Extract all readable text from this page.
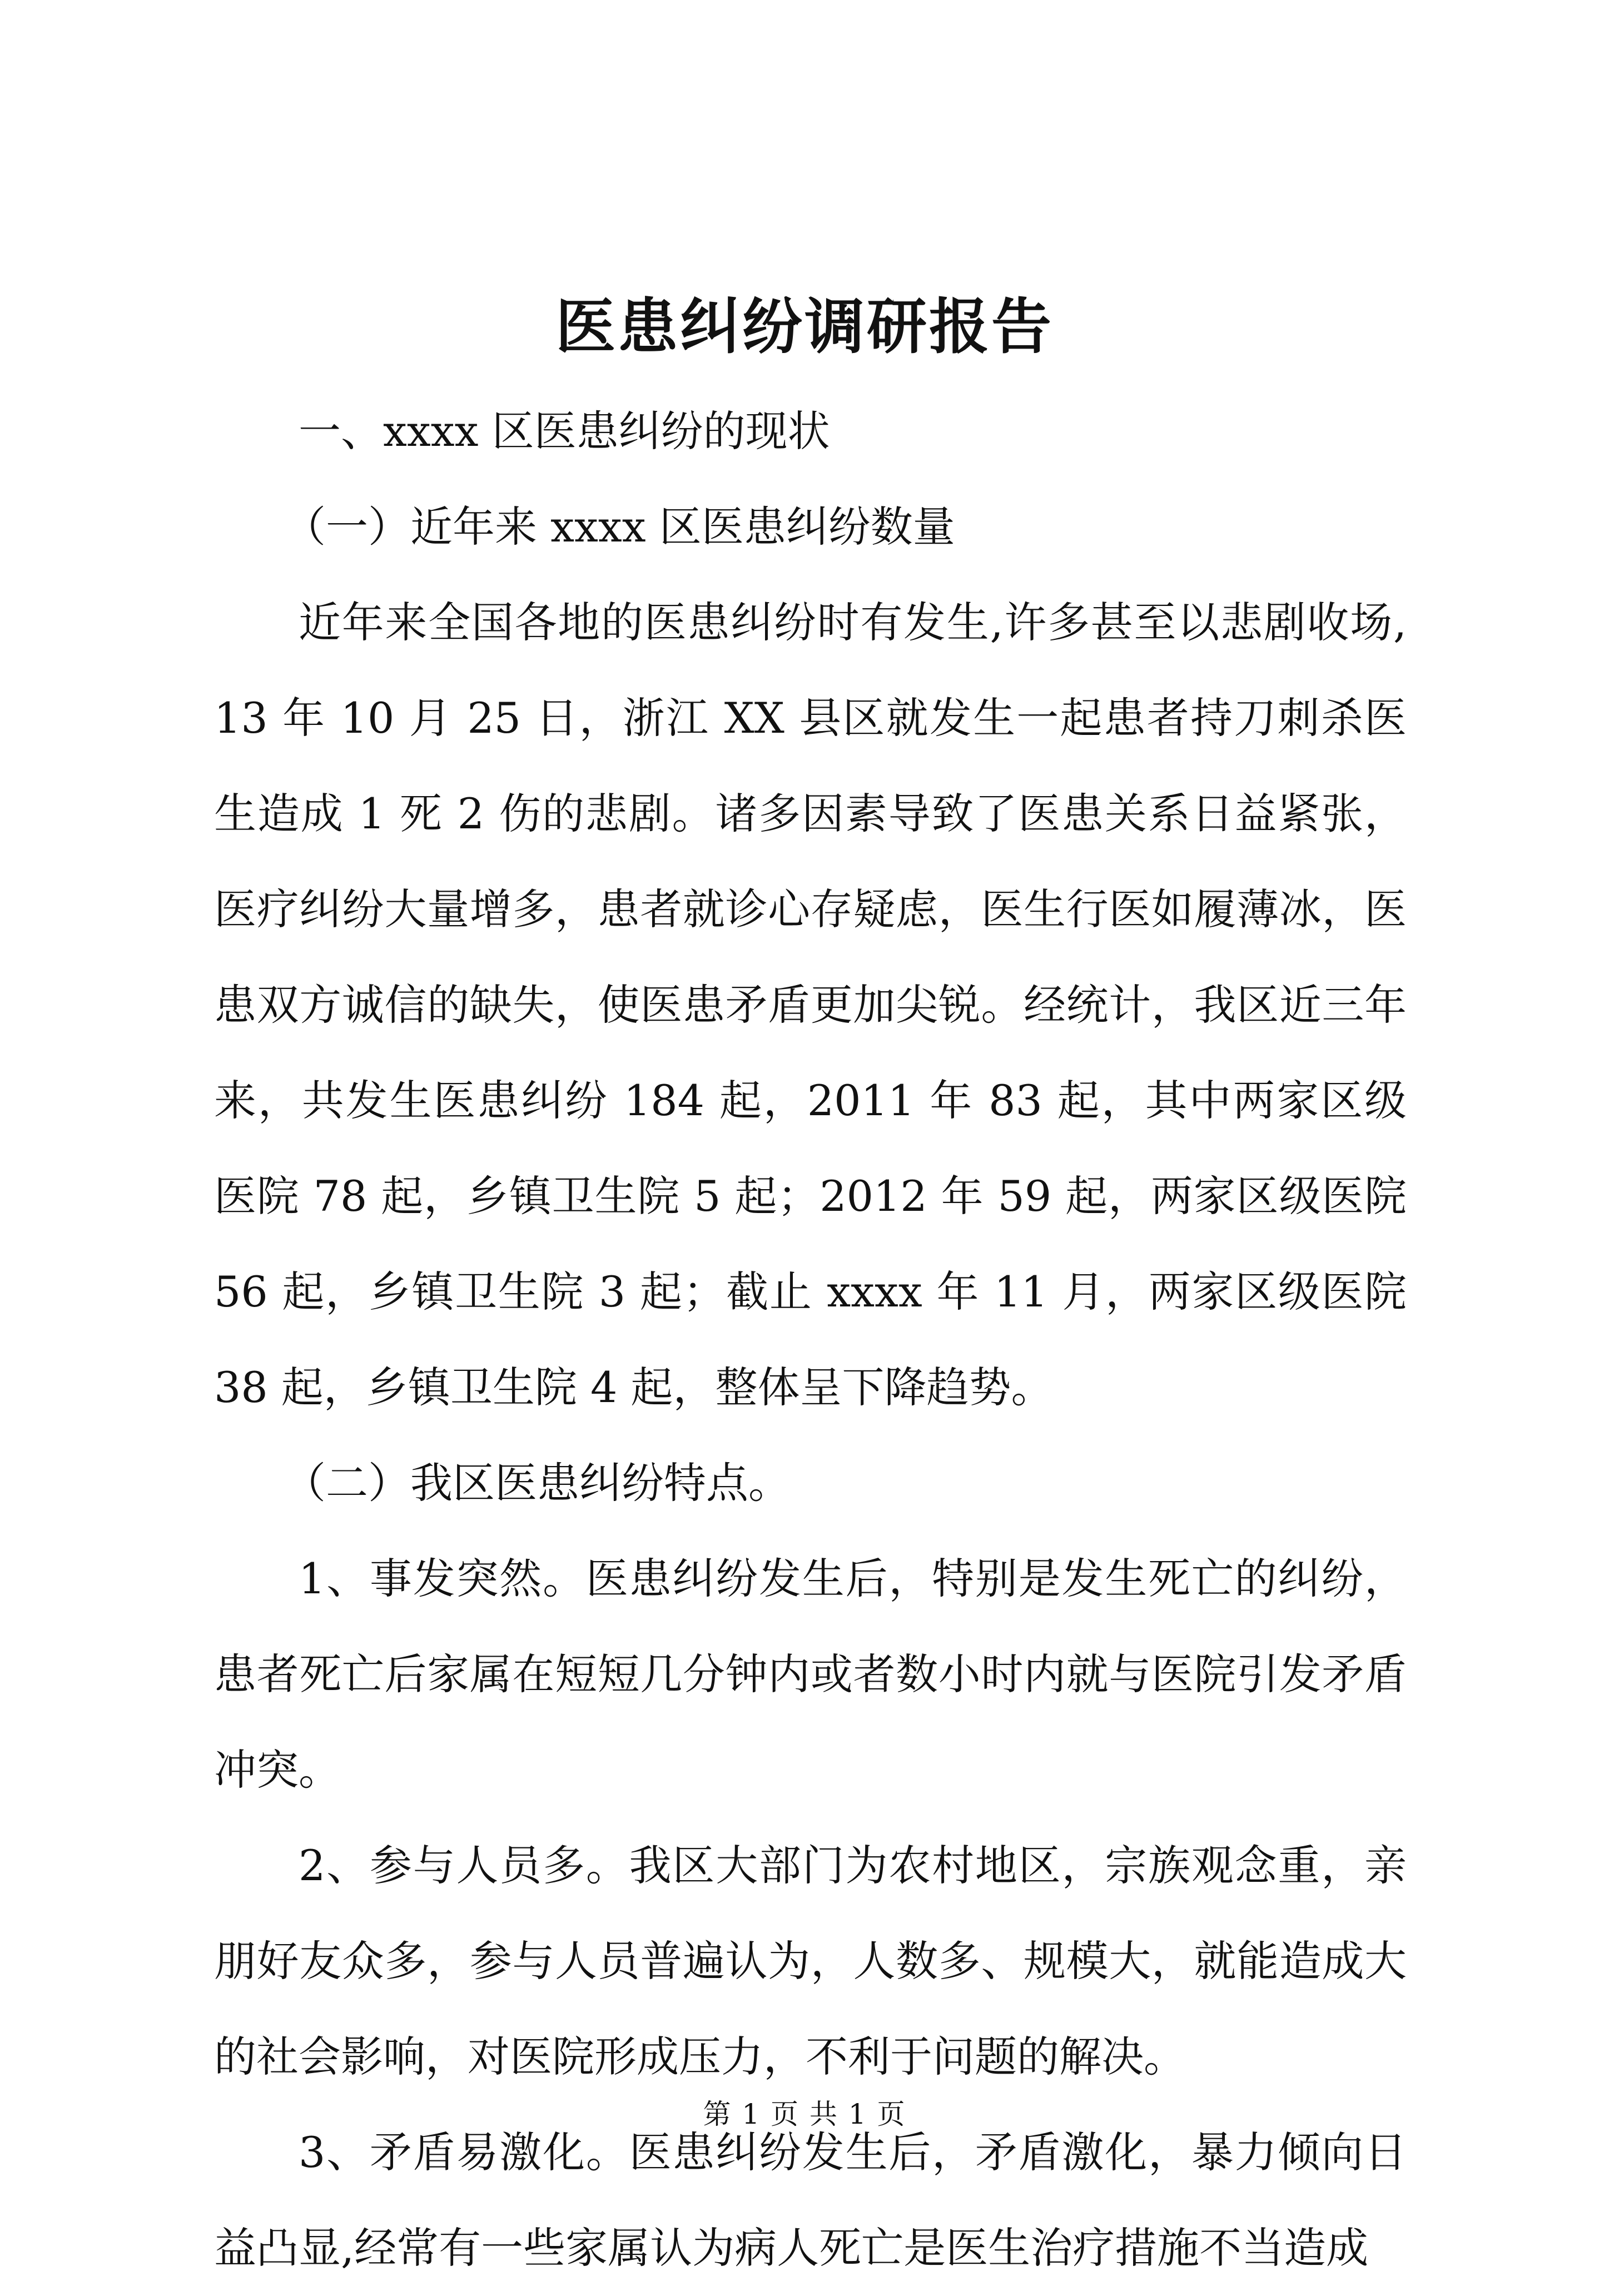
医患纠纷调研报告

一、xxxx 区医患纠纷的现状

（一）近年来 xxxx 区医患纠纷数量

近年来全国各地的医患纠纷时有发生,许多甚至以悲剧收场,13 年 10 月 25 日，浙江 XX 县区就发生一起患者持刀刺杀医生造成 1 死 2 伤的悲剧。诸多因素导致了医患关系日益紧张，医疗纠纷大量增多，患者就诊心存疑虑，医生行医如履薄冰，医患双方诚信的缺失，使医患矛盾更加尖锐。经统计，我区近三年来，共发生医患纠纷 184 起，2011 年 83 起，其中两家区级医院 78 起，乡镇卫生院 5 起；2012 年 59 起，两家区级医院 56 起，乡镇卫生院 3 起；截止 xxxx 年 11 月，两家区级医院 38 起，乡镇卫生院 4 起，整体呈下降趋势。

（二）我区医患纠纷特点。

1、事发突然。医患纠纷发生后，特别是发生死亡的纠纷，患者死亡后家属在短短几分钟内或者数小时内就与医院引发矛盾冲突。

2、参与人员多。我区大部门为农村地区，宗族观念重，亲朋好友众多，参与人员普遍认为，人数多、规模大，就能造成大的社会影响，对医院形成压力，不利于问题的解决。

3、矛盾易激化。医患纠纷发生后，矛盾激化，暴力倾向日益凸显,经常有一些家属认为病人死亡是医生治疗措施不当造成

第 1 页 共 1 页
